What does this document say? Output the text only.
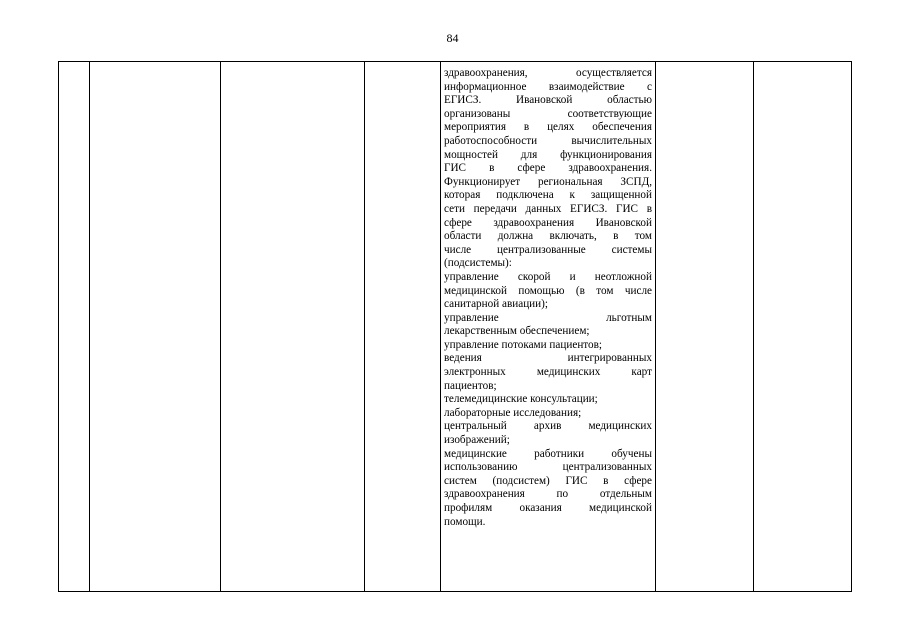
84

здравоохранения, осуществляется
информационное взаимодействие с
ЕГИСЗ. Ивановской областью
организованы соответствующие
мероприятия в целях обеспечения
работоспособности вычислительных
мощностей для функционирования
ГИС в сфере здравоохранения.
Функционирует региональная ЗСПД,
которая подключена к защищенной
сети передачи данных ЕГИСЗ. ГИС в
сфере здравоохранения Ивановской
области должна включать, в том
числе централизованные системы
(подсистемы):
управление скорой и неотложной
медицинской помощью (в том числе
санитарной авиации);
управление льготным
лекарственным обеспечением;
управление потоками пациентов;
ведения интегрированных
электронных медицинских карт
пациентов;
телемедицинские консультации;
лабораторные исследования;
центральный архив медицинских
изображений;
медицинские работники обучены
использованию централизованных
систем (подсистем) ГИС в сфере
здравоохранения по отдельным
профилям оказания медицинской
помощи.
